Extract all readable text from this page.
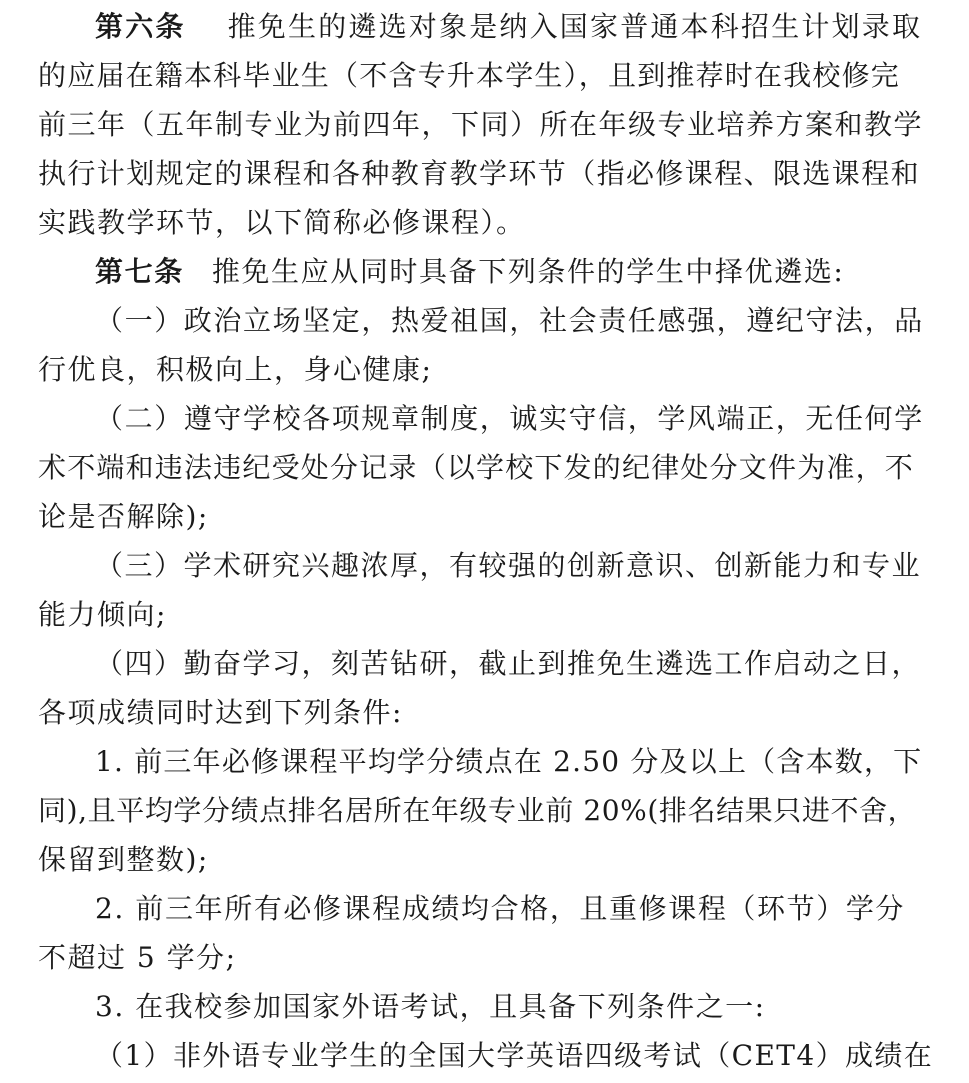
第六条 推免生的遴选对象是纳入国家普通本科招生计划录取
的应届在籍本科毕业生（不含专升本学生），且到推荐时在我校修完
前三年（五年制专业为前四年，下同）所在年级专业培养方案和教学
执行计划规定的课程和各种教育教学环节（指必修课程、限选课程和
实践教学环节，以下简称必修课程）。
第七条 推免生应从同时具备下列条件的学生中择优遴选:
（一）政治立场坚定，热爱祖国，社会责任感强，遵纪守法，品
行优良，积极向上，身心健康;
（二）遵守学校各项规章制度，诚实守信，学风端正，无任何学
术不端和违法违纪受处分记录（以学校下发的纪律处分文件为准，不
论是否解除);
（三）学术研究兴趣浓厚，有较强的创新意识、创新能力和专业
能力倾向;
（四）勤奋学习，刻苦钻研，截止到推免生遴选工作启动之日，
各项成绩同时达到下列条件:
1. 前三年必修课程平均学分绩点在 2.50 分及以上（含本数，下
同),且平均学分绩点排名居所在年级专业前 20%(排名结果只进不舍，
保留到整数);
2. 前三年所有必修课程成绩均合格，且重修课程（环节）学分
不超过 5 学分;
3. 在我校参加国家外语考试，且具备下列条件之一:
（1）非外语专业学生的全国大学英语四级考试（CET4）成绩在
